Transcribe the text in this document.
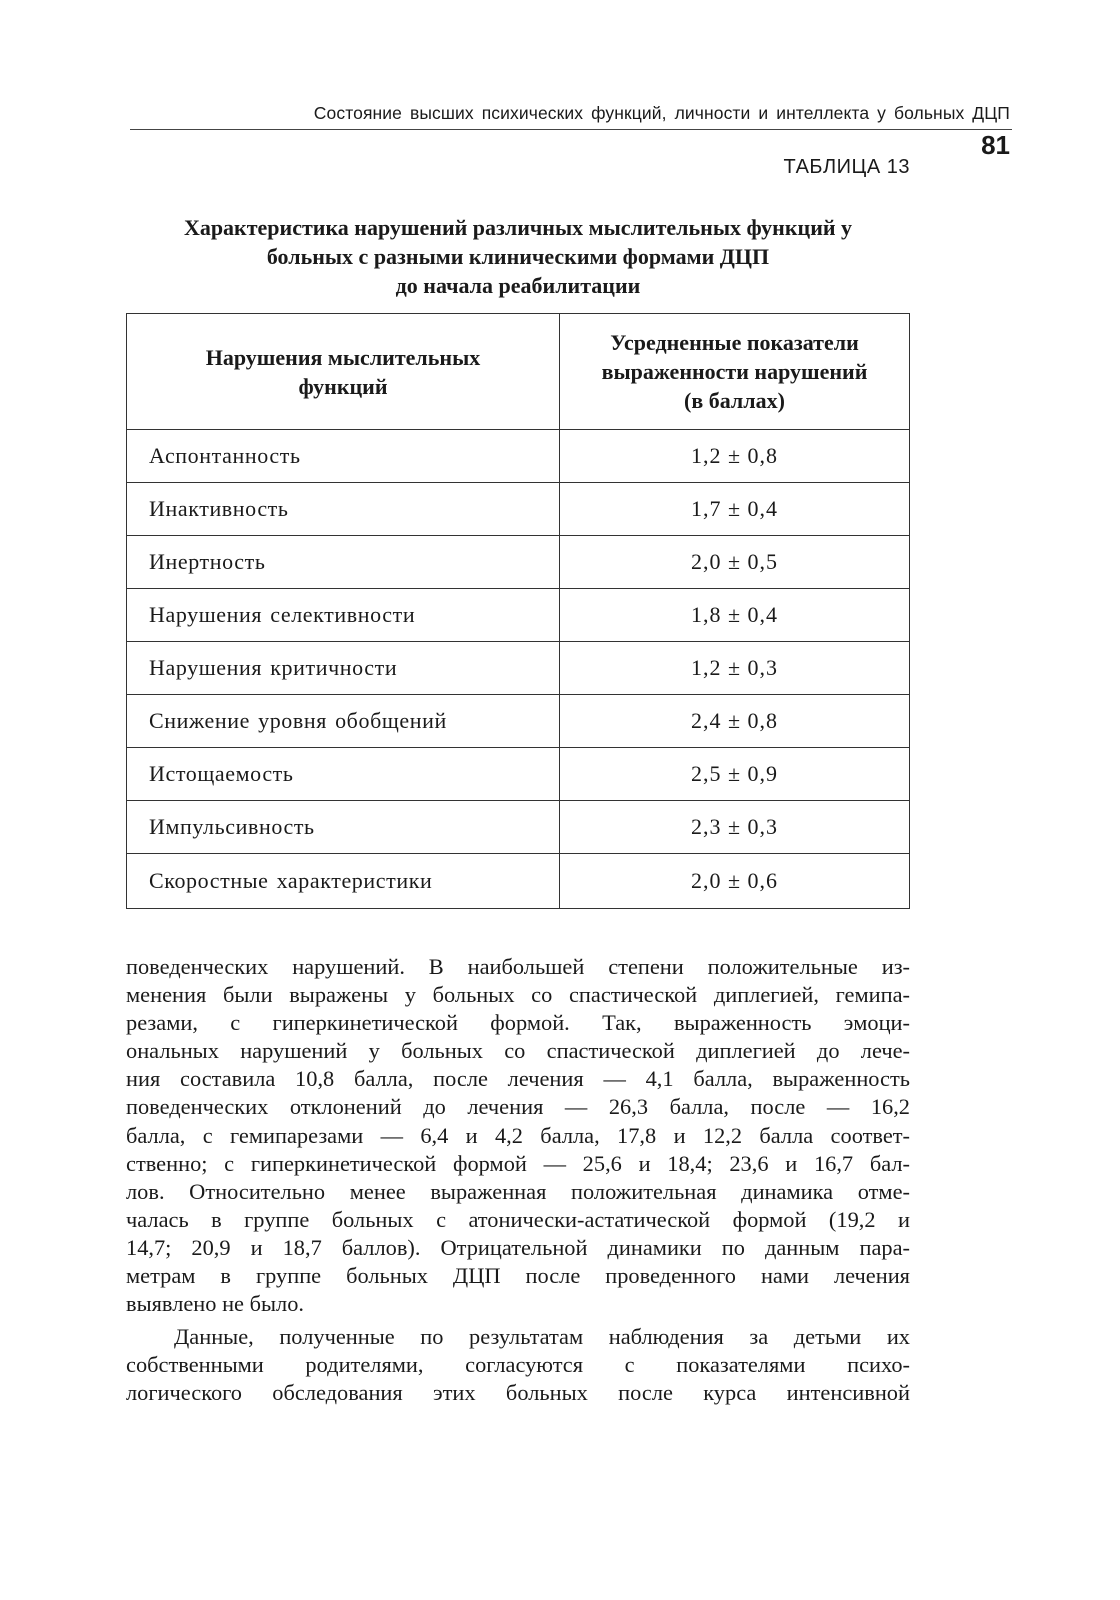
Состояние высших психических функций, личности и интеллекта у больных ДЦП
81
ТАБЛИЦА 13
Характеристика нарушений различных мыслительных функций у
больных с разными клиническими формами ДЦП
до начала реабилитации
Нарушения мыслительных
функций	Усредненные показатели
выраженности нарушений
(в баллах)

Аспонтанность	1,2 ± 0,8
Инактивность	1,7 ± 0,4
Инертность	2,0 ± 0,5
Нарушения селективности	1,8 ± 0,4
Нарушения критичности	1,2 ± 0,3
Снижение уровня обобщений	2,4 ± 0,8
Истощаемость	2,5 ± 0,9
Импульсивность	2,3 ± 0,3
Скоростные характеристики	2,0 ± 0,6
поведенческих нарушений. В наибольшей степени положительные из-
менения были выражены у больных со спастической диплегией, гемипа-
резами, с гиперкинетической формой. Так, выраженность эмоци-
ональных нарушений у больных со спастической диплегией до лече-
ния составила 10,8 балла, после лечения — 4,1 балла, выраженность
поведенческих отклонений до лечения — 26,3 балла, после — 16,2
балла, с гемипарезами — 6,4 и 4,2 балла, 17,8 и 12,2 балла соответ-
ственно; с гиперкинетической формой — 25,6 и 18,4; 23,6 и 16,7 бал-
лов. Относительно менее выраженная положительная динамика отме-
чалась в группе больных с атонически-астатической формой (19,2 и
14,7; 20,9 и 18,7 баллов). Отрицательной динамики по данным пара-
метрам в группе больных ДЦП после проведенного нами лечения
выявлено не было.
Данные, полученные по результатам наблюдения за детьми их
собственными родителями, согласуются с показателями психо-
логического обследования этих больных после курса интенсивной
